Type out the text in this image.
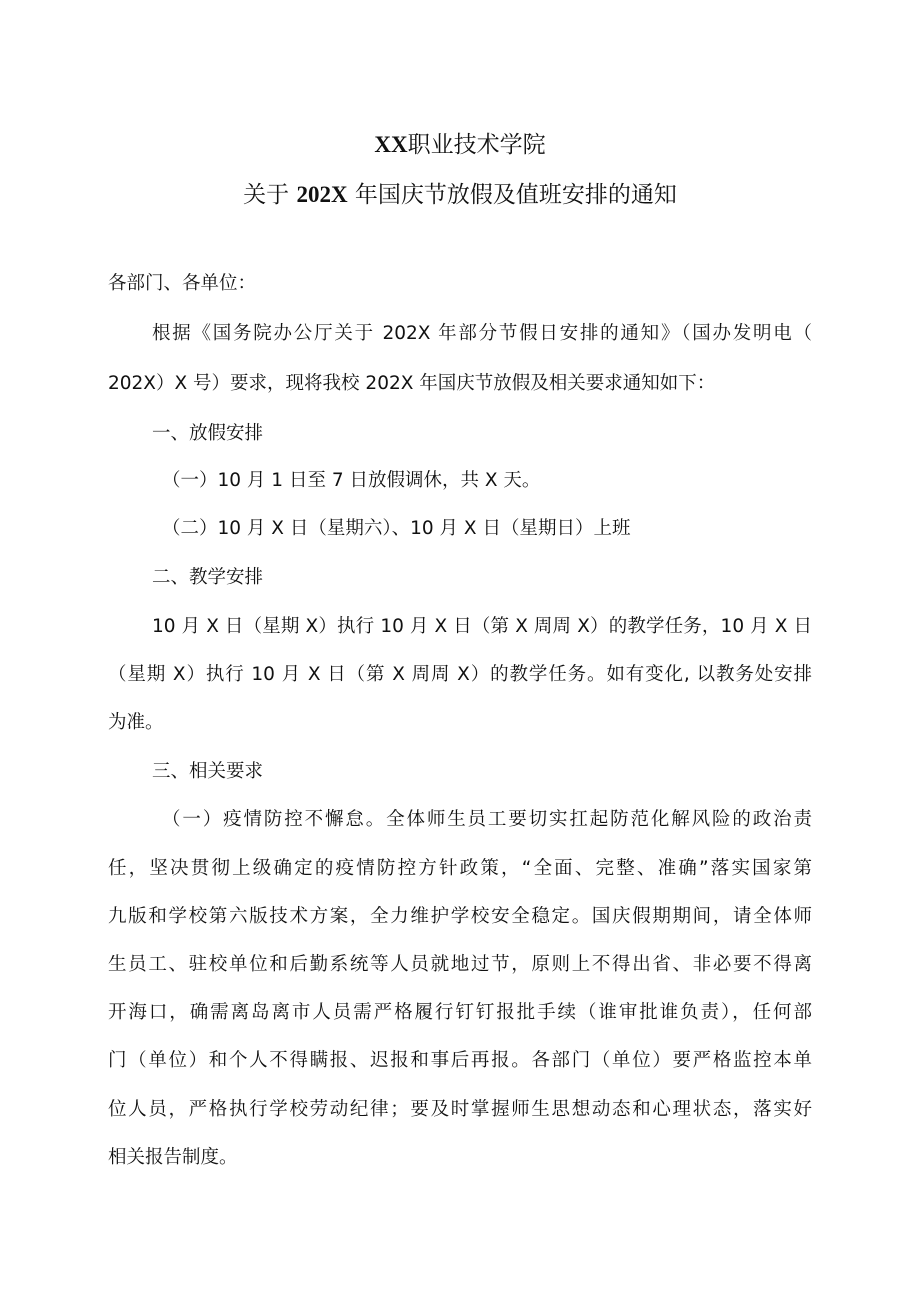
XX职业技术学院
关于 202X 年国庆节放假及值班安排的通知
各部门、各单位：
根据《国务院办公厅关于 202X 年部分节假日安排的通知》（国办发明电（
202X）X 号）要求，现将我校 202X 年国庆节放假及相关要求通知如下：
一、放假安排
（一）10 月 1 日至 7 日放假调休，共 X 天。
（二）10 月 X 日（星期六）、10 月 X 日（星期日）上班
二、教学安排
10 月 X 日（星期 X）执行 10 月 X 日（第 X 周周 X）的教学任务，10 月 X 日
（星期 X）执行 10 月 X 日（第 X 周周 X）的教学任务。如有变化, 以教务处安排
为准。
三、相关要求
（一）疫情防控不懈怠。全体师生员工要切实扛起防范化解风险的政治责
任，坚决贯彻上级确定的疫情防控方针政策，“全面、完整、准确”落实国家第
九版和学校第六版技术方案，全力维护学校安全稳定。国庆假期期间，请全体师
生员工、驻校单位和后勤系统等人员就地过节，原则上不得出省、非必要不得离
开海口，确需离岛离市人员需严格履行钉钉报批手续（谁审批谁负责），任何部
门（单位）和个人不得瞒报、迟报和事后再报。各部门（单位）要严格监控本单
位人员，严格执行学校劳动纪律；要及时掌握师生思想动态和心理状态，落实好
相关报告制度。
